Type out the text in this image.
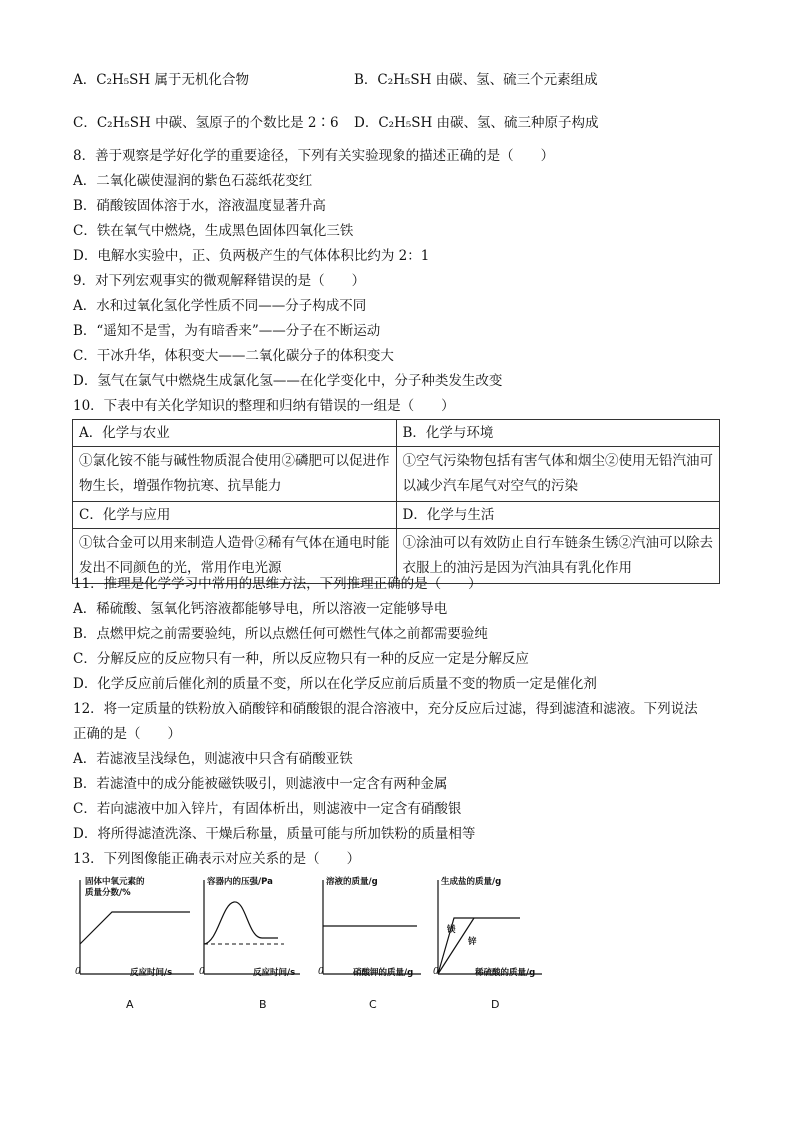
A．C₂H₅SH 属于无机化合物	B．C₂H₅SH 由碳、氢、硫三个元素组成
C．C₂H₅SH 中碳、氢原子的个数比是 2∶6 D．C₂H₅SH 由碳、氢、硫三种原子构成
8．善于观察是学好化学的重要途径，下列有关实验现象的描述正确的是（　　）
A．二氧化碳使湿润的紫色石蕊纸花变红
B．硝酸铵固体溶于水，溶液温度显著升高
C．铁在氧气中燃烧，生成黑色固体四氧化三铁
D．电解水实验中，正、负两极产生的气体体积比约为 2：1
9．对下列宏观事实的微观解释错误的是（　　）
A．水和过氧化氢化学性质不同——分子构成不同
B．“遥知不是雪，为有暗香来”——分子在不断运动
C．干冰升华，体积变大——二氧化碳分子的体积变大
D．氢气在氯气中燃烧生成氯化氢——在化学变化中，分子种类发生改变
10．下表中有关化学知识的整理和归纳有错误的一组是（　　）
A．化学与农业	B．化学与环境
①氯化铵不能与碱性物质混合使用②磷肥可以促进作物生长，增强作物抗寒、抗旱能力	①空气污染物包括有害气体和烟尘②使用无铅汽油可以减少汽车尾气对空气的污染
C．化学与应用	D．化学与生活
①钛合金可以用来制造人造骨②稀有气体在通电时能发出不同颜色的光，常用作电光源	①涂油可以有效防止自行车链条生锈②汽油可以除去衣服上的油污是因为汽油具有乳化作用
11．推理是化学学习中常用的思维方法，下列推理正确的是（　　）
A．稀硫酸、氢氧化钙溶液都能够导电，所以溶液一定能够导电
B．点燃甲烷之前需要验纯，所以点燃任何可燃性气体之前都需要验纯
C．分解反应的反应物只有一种，所以反应物只有一种的反应一定是分解反应
D．化学反应前后催化剂的质量不变，所以在化学反应前后质量不变的物质一定是催化剂
12．将一定质量的铁粉放入硝酸锌和硝酸银的混合溶液中，充分反应后过滤，得到滤渣和滤液。下列说法
正确的是（　　）
A．若滤液呈浅绿色，则滤液中只含有硝酸亚铁
B．若滤渣中的成分能被磁铁吸引，则滤液中一定含有两种金属
C．若向滤液中加入锌片，有固体析出，则滤液中一定含有硝酸银
D．将所得滤渣洗涤、干燥后称量，质量可能与所加铁粉的质量相等
13．下列图像能正确表示对应关系的是（　　）
固体中氧元素的
质量分数/%
反应时间/s
0
A
容器内的压强/Pa
反应时间/s
0
B
溶液的质量/g
硝酸钾的质量/g
0
C
生成盐的质量/g
稀硫酸的质量/g
镁
锌
0
D
